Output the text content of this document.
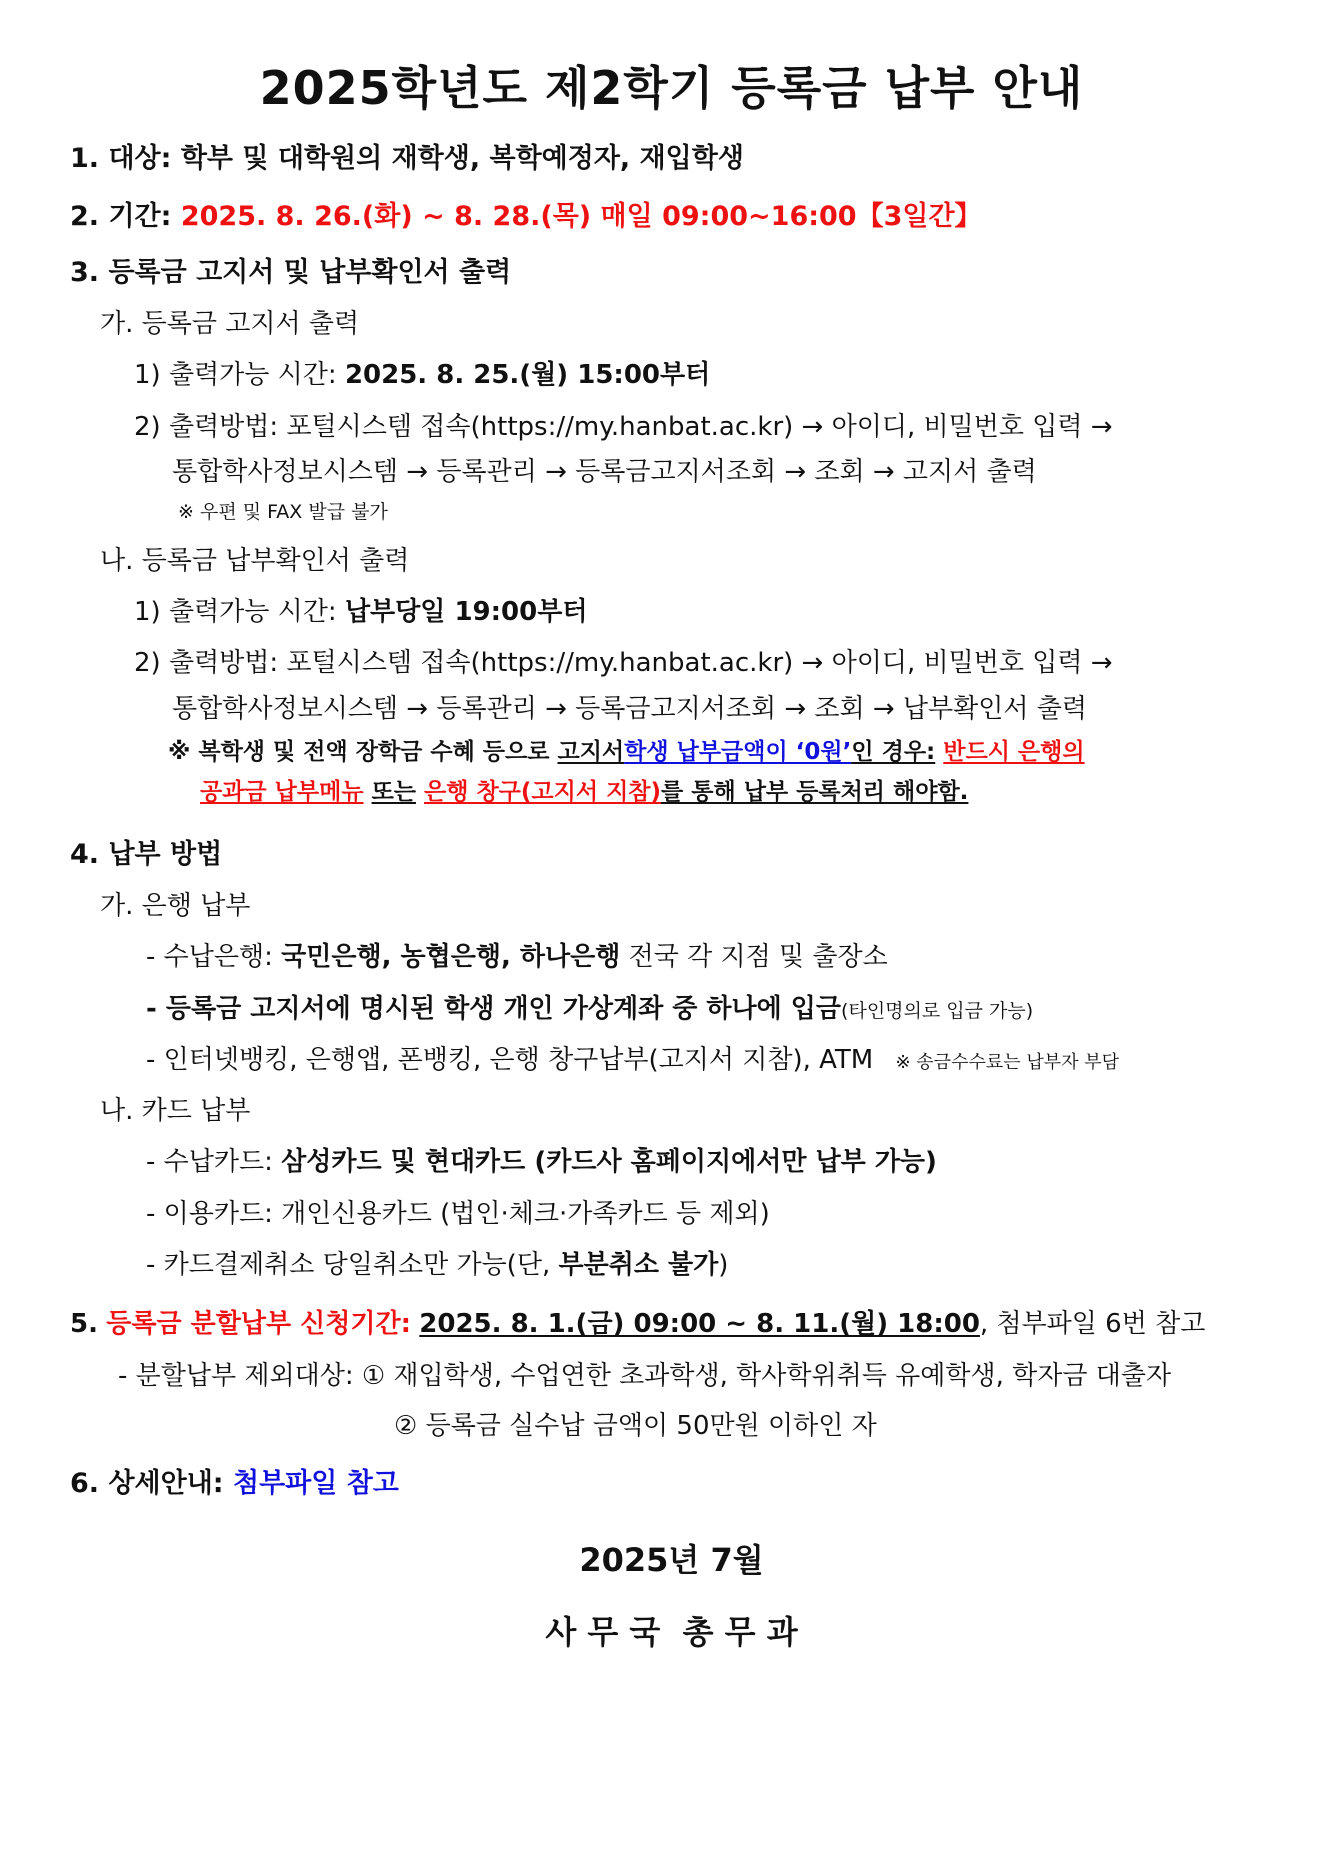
2025학년도 제2학기 등록금 납부 안내
1. 대상: 학부 및 대학원의 재학생, 복학예정자, 재입학생
2. 기간: 2025. 8. 26.(화) ~ 8. 28.(목) 매일 09:00~16:00【3일간】
3. 등록금 고지서 및 납부확인서 출력
가. 등록금 고지서 출력
1) 출력가능 시간: 2025. 8. 25.(월) 15:00부터
2) 출력방법: 포털시스템 접속(https://my.hanbat.ac.kr) → 아이디, 비밀번호 입력 →
통합학사정보시스템 → 등록관리 → 등록금고지서조회 → 조회 → 고지서 출력
※ 우편 및 FAX 발급 불가
나. 등록금 납부확인서 출력
1) 출력가능 시간: 납부당일 19:00부터
2) 출력방법: 포털시스템 접속(https://my.hanbat.ac.kr) → 아이디, 비밀번호 입력 →
통합학사정보시스템 → 등록관리 → 등록금고지서조회 → 조회 → 납부확인서 출력
※ 복학생 및 전액 장학금 수혜 등으로 고지서학생 납부금액이 ‘0원’인 경우: 반드시 은행의
공과금 납부메뉴 또는 은행 창구(고지서 지참)를 통해 납부 등록처리 해야함.
4. 납부 방법
가. 은행 납부
- 수납은행: 국민은행, 농협은행, 하나은행 전국 각 지점 및 출장소
- 등록금 고지서에 명시된 학생 개인 가상계좌 중 하나에 입금(타인명의로 입금 가능)
- 인터넷뱅킹, 은행앱, 폰뱅킹, 은행 창구납부(고지서 지참), ATM ※ 송금수수료는 납부자 부담
나. 카드 납부
- 수납카드: 삼성카드 및 현대카드 (카드사 홈페이지에서만 납부 가능)
- 이용카드: 개인신용카드 (법인·체크·가족카드 등 제외)
- 카드결제취소 당일취소만 가능(단, 부분취소 불가)
5. 등록금 분할납부 신청기간: 2025. 8. 1.(금) 09:00 ~ 8. 11.(월) 18:00, 첨부파일 6번 참고
- 분할납부 제외대상: ① 재입학생, 수업연한 초과학생, 학사학위취득 유예학생, 학자금 대출자
② 등록금 실수납 금액이 50만원 이하인 자
6. 상세안내: 첨부파일 참고
2025년 7월
사 무 국  총 무 과
